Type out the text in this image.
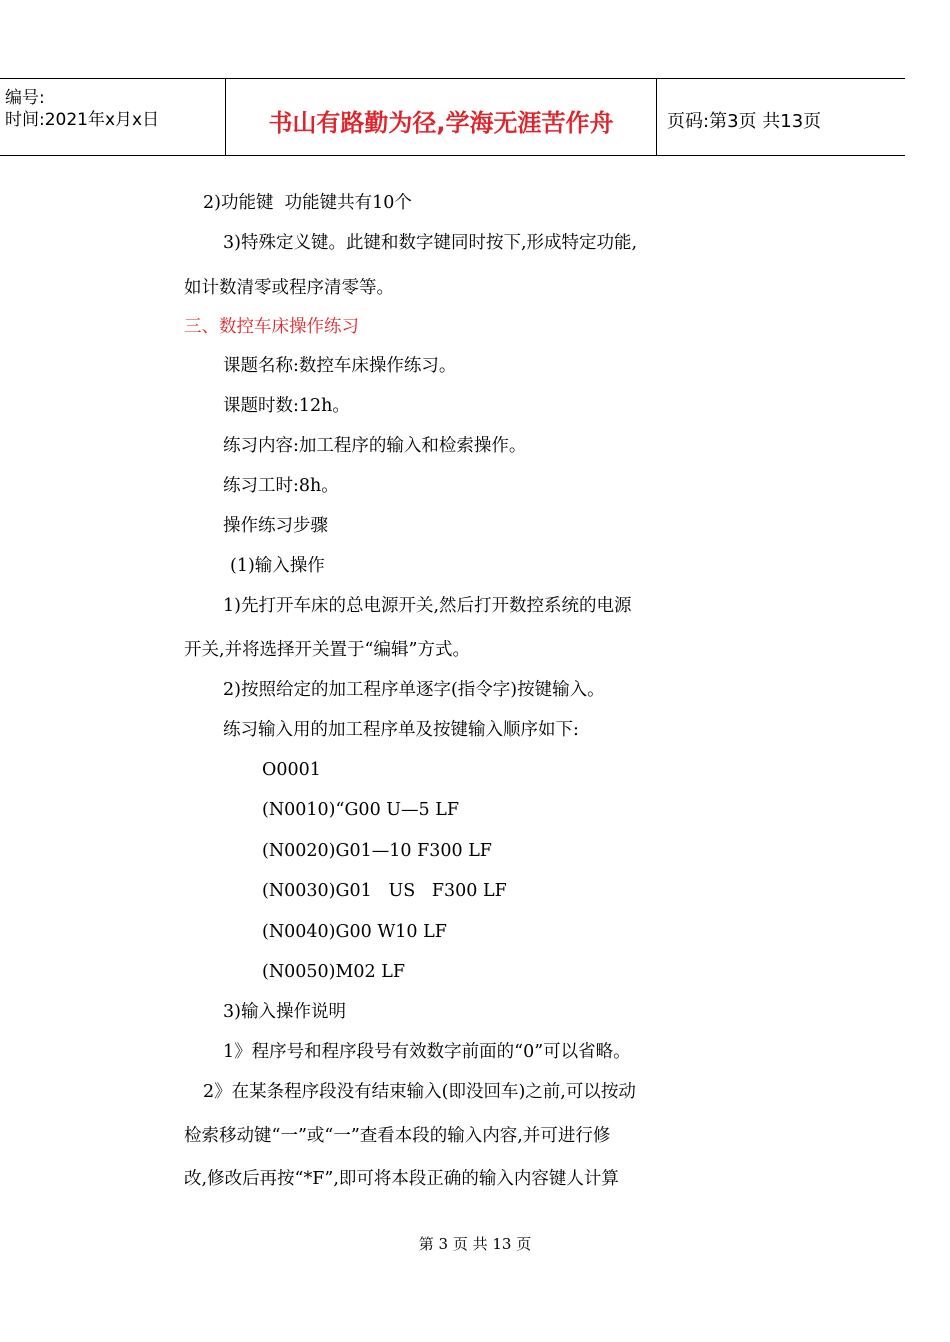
编号:
时间:2021年x月x日	书山有路勤为径,学海无涯苦作舟	页码:第3页 共13页
2)功能键  功能键共有10个
3)特殊定义键。此键和数字键同时按下,形成特定功能,
如计数清零或程序清零等。
三、数控车床操作练习
课题名称:数控车床操作练习。
课题时数:12h。
练习内容:加工程序的输入和检索操作。
练习工时:8h。
操作练习步骤
(1)输入操作
1)先打开车床的总电源开关,然后打开数控系统的电源
开关,并将选择开关置于“编辑”方式。
2)按照给定的加工程序单逐字(指令字)按键输入。
练习输入用的加工程序单及按键输入顺序如下:
O0001
(N0010)“G00 U—5 LF
(N0020)G01—10 F300 LF
(N0030)G01   US   F300 LF
(N0040)G00 W10 LF
(N0050)M02 LF
3)输入操作说明
1》程序号和程序段号有效数字前面的“0”可以省略。
2》在某条程序段没有结束输入(即没回车)之前,可以按动
检索移动键“一”或“一”查看本段的输入内容,并可进行修
改,修改后再按“*F”,即可将本段正确的输入内容键人计算
第 3 页 共 13 页
